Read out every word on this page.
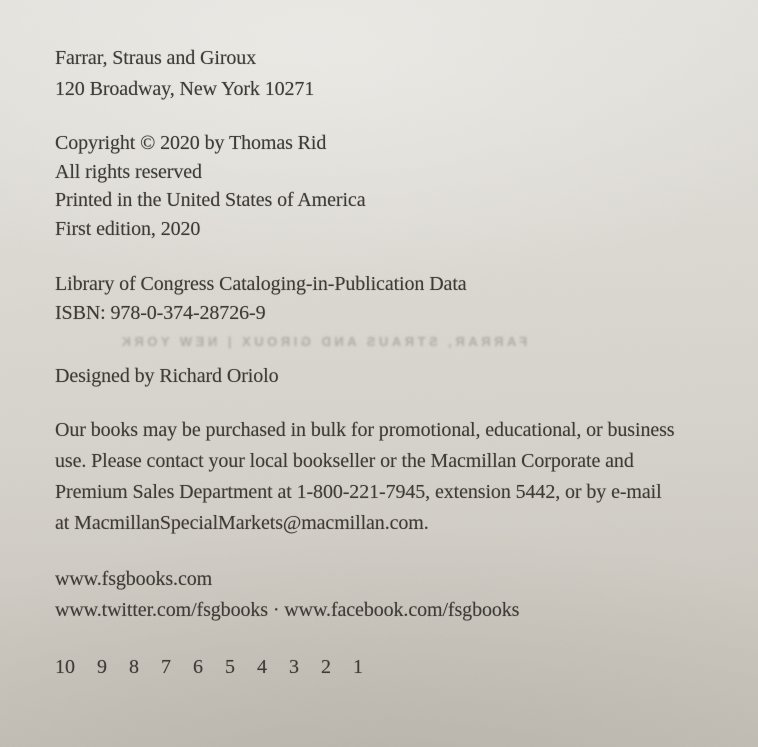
Farrar, Straus and Giroux
120 Broadway, New York 10271
Copyright © 2020 by Thomas Rid
All rights reserved
Printed in the United States of America
First edition, 2020
Library of Congress Cataloging-in-Publication Data
ISBN: 978-0-374-28726-9
FARRAR, STRAUS AND GIROUX | NEW YORK
Designed by Richard Oriolo
Our books may be purchased in bulk for promotional, educational, or business
use. Please contact your local bookseller or the Macmillan Corporate and
Premium Sales Department at 1-800-221-7945, extension 5442, or by e-mail
at MacmillanSpecialMarkets@macmillan.com.
www.fsgbooks.com
www.twitter.com/fsgbooks · www.facebook.com/fsgbooks
10 9 8 7 6 5 4 3 2 1
